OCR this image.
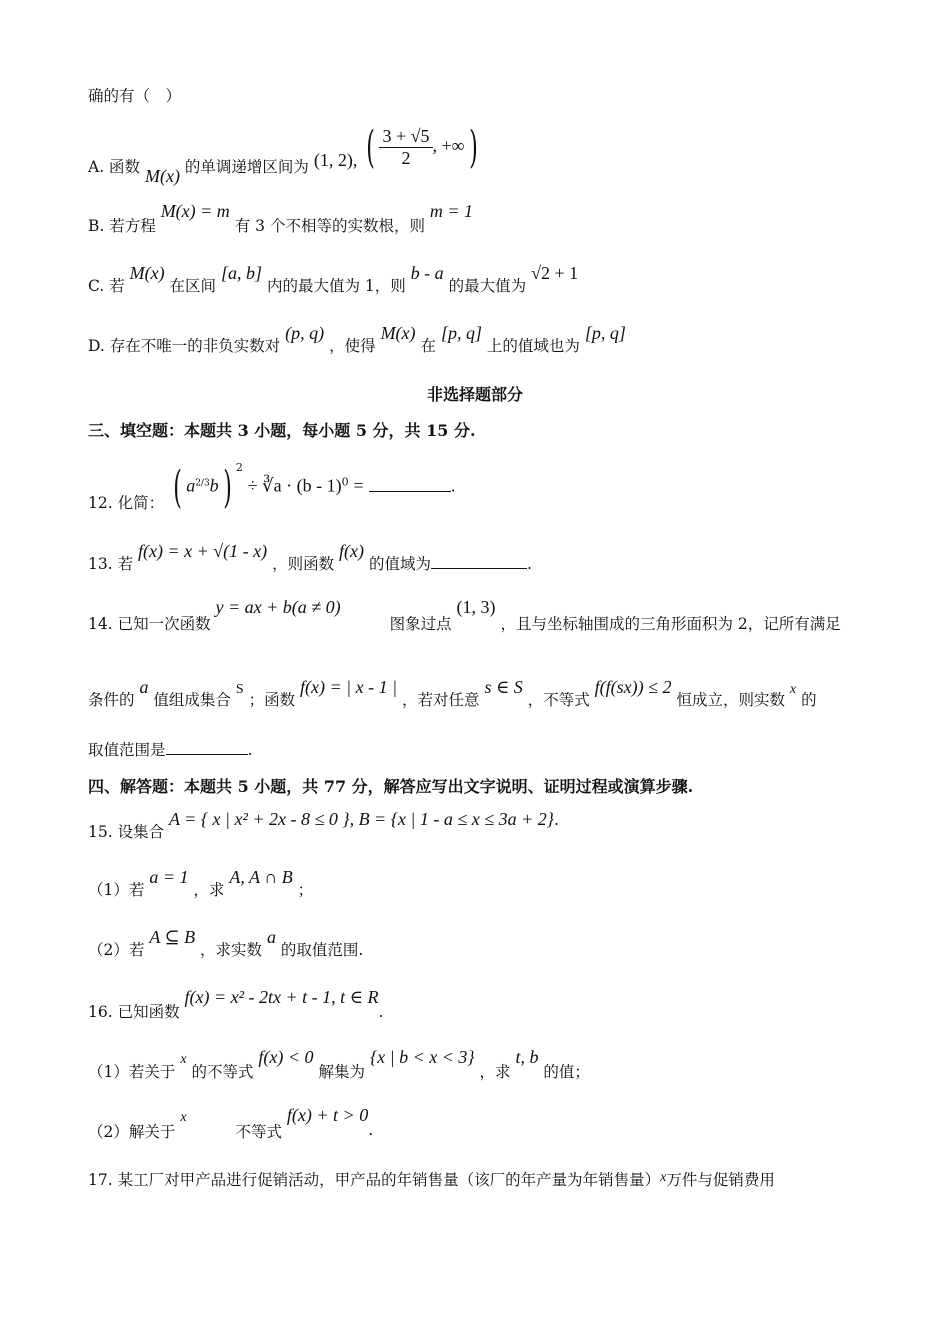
确的有（　）
A. 函数 M(x) 的单调递增区间为 (1, 2), ( $\frac{3 + √5}{2}$ , +∞)
B. 若方程 M(x) = m 有 3 个不相等的实数根，则 m = 1
C. 若 M(x) 在区间 [a, b] 内的最大值为 1，则 b - a 的最大值为 √2 + 1
D. 存在不唯一的非负实数对 (p, q) ，使得 M(x) 在 [p, q] 上的值域也为 [p, q]
非选择题部分
三、填空题：本题共 3 小题，每小题 5 分，共 15 分.
12. 化简： ( $a^{2/3}b$) $^2$ ÷ ∛a · (b - 1)$^0$ =	.
13. 若 f(x) = x + √(1 - x) ，则函数 f(x) 的值域为	.
14. 已知一次函数 y = ax + b(a ≠ 0) 图象过点 (1, 3) ，且与坐标轴围成的三角形面积为 2，记所有满足
条件的 a 值组成集合 S ；函数 f(x) = | x - 1 | ，若对任意 s ∈ S ，不等式 f(f(sx)) ≤ 2 恒成立，则实数 x 的
取值范围是	.
四、解答题：本题共 5 小题，共 77 分，解答应写出文字说明、证明过程或演算步骤.
15. 设集合 A = { x | x² + 2x - 8 ≤ 0 }, B = {x | 1 - a ≤ x ≤ 3a + 2}.
（1）若 a = 1 ，求 A, A ∩ B ；
（2）若 A ⊆ B ，求实数 a 的取值范围.
16. 已知函数 f(x) = x² - 2tx + t - 1, t ∈ R.
（1）若关于 x 的不等式 f(x) < 0 解集为 {x | b < x < 3} ，求 t, b 的值；
（2）解关于 x 不等式 f(x) + t > 0.
17. 某工厂对甲产品进行促销活动，甲产品的年销售量（该厂的年产量为年销售量）x万件与促销费用
